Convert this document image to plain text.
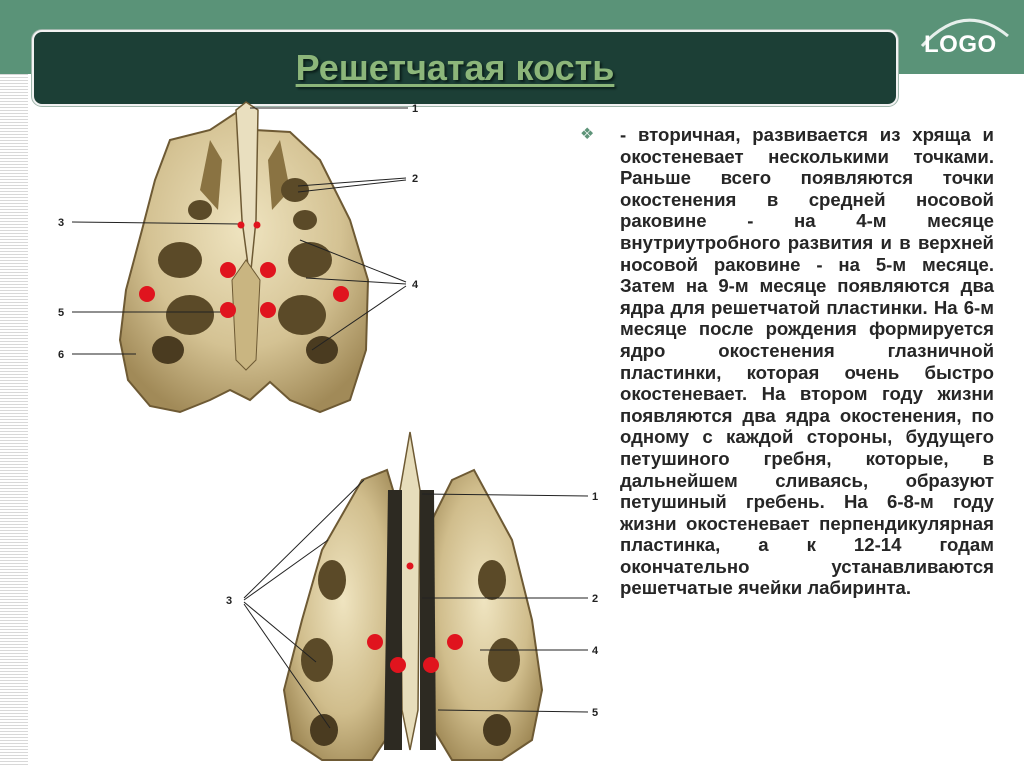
LOGO
Решетчатая кость
1
2
3
4
5
6
1
3	2
4
5
❖ - вторичная, развивается из хряща и окостеневает несколькими точками. Раньше всего появляются точки окостенения в средней носовой раковине - на 4-м месяце внутриутробного развития и в верхней носовой раковине - на 5-м месяце. Затем на 9-м месяце появляются два ядра для решетчатой пластинки. На 6-м месяце после рождения формируется ядро окостенения глазничной пластинки, которая очень быстро окостеневает. На втором году жизни появляются два ядра окостенения, по одному с каждой стороны, будущего петушиного гребня, которые, в дальнейшем сливаясь, образуют петушиный гребень. На 6-8-м году жизни окостеневает перпендикулярная пластинка, а к 12-14 годам окончательно устанавливаются решетчатые ячейки лабиринта.
